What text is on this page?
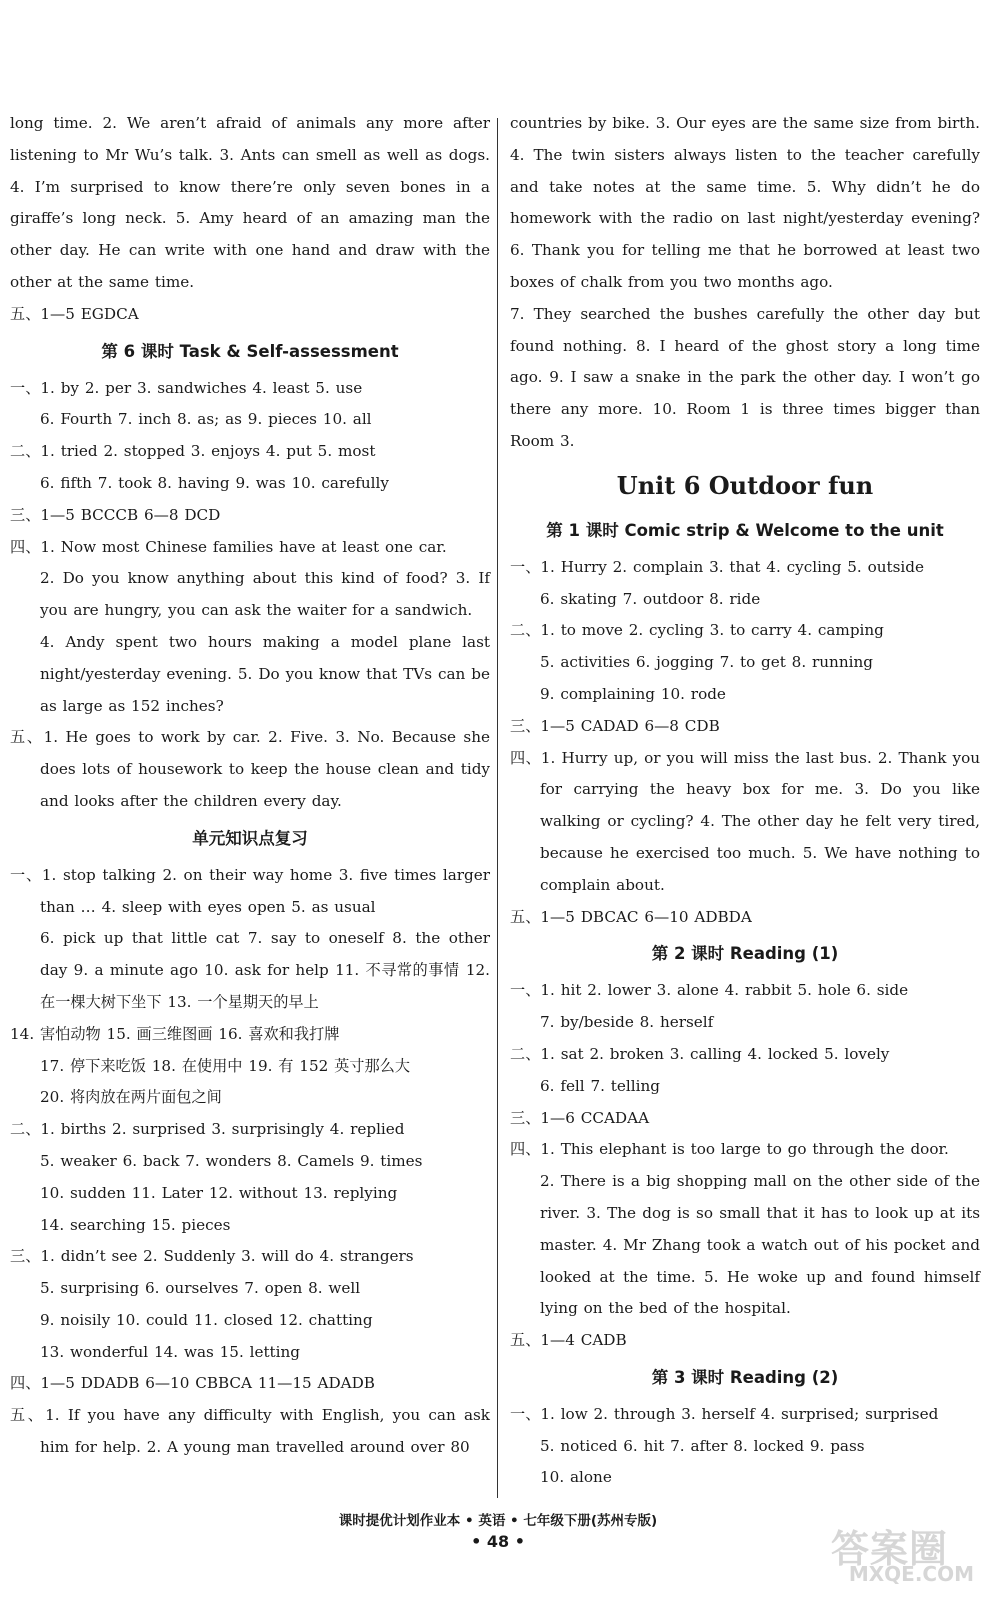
long time. 2. We aren’t afraid of animals any more after listening to Mr Wu’s talk. 3. Ants can smell as well as dogs. 4. I’m surprised to know there’re only seven bones in a giraffe’s long neck. 5. Amy heard of an amazing man the other day. He can write with one hand and draw with the other at the same time.

五、1—5 EGDCA

第 6 课时 Task & Self-assessment

一、1. by 2. per 3. sandwiches 4. least 5. use

6. Fourth 7. inch 8. as; as 9. pieces 10. all

二、1. tried 2. stopped 3. enjoys 4. put 5. most

6. fifth 7. took 8. having 9. was 10. carefully

三、1—5 BCCCB 6—8 DCD

四、1. Now most Chinese families have at least one car.

2. Do you know anything about this kind of food? 3. If you are hungry, you can ask the waiter for a sandwich.

4. Andy spent two hours making a model plane last night/yesterday evening. 5. Do you know that TVs can be as large as 152 inches?

五、1. He goes to work by car. 2. Five. 3. No. Because she does lots of housework to keep the house clean and tidy and looks after the children every day.

单元知识点复习

一、1. stop talking 2. on their way home 3. five times larger than … 4. sleep with eyes open 5. as usual

6. pick up that little cat 7. say to oneself 8. the other day 9. a minute ago 10. ask for help 11. 不寻常的事情 12. 在一棵大树下坐下 13. 一个星期天的早上

14. 害怕动物 15. 画三维图画 16. 喜欢和我打牌

17. 停下来吃饭 18. 在使用中 19. 有 152 英寸那么大

20. 将肉放在两片面包之间

二、1. births 2. surprised 3. surprisingly 4. replied

5. weaker 6. back 7. wonders 8. Camels 9. times

10. sudden 11. Later 12. without 13. replying

14. searching 15. pieces

三、1. didn’t see 2. Suddenly 3. will do 4. strangers

5. surprising 6. ourselves 7. open 8. well

9. noisily 10. could 11. closed 12. chatting

13. wonderful 14. was 15. letting

四、1—5 DDADB 6—10 CBBCA 11—15 ADADB

五、1. If you have any difficulty with English, you can ask him for help. 2. A young man travelled around over 80

countries by bike. 3. Our eyes are the same size from birth. 4. The twin sisters always listen to the teacher carefully and take notes at the same time. 5. Why didn’t he do homework with the radio on last night/yesterday evening? 6. Thank you for telling me that he borrowed at least two boxes of chalk from you two months ago.

7. They searched the bushes carefully the other day but found nothing. 8. I heard of the ghost story a long time ago. 9. I saw a snake in the park the other day. I won’t go there any more. 10. Room 1 is three times bigger than Room 3.

Unit 6 Outdoor fun
第 1 课时 Comic strip & Welcome to the unit

一、1. Hurry 2. complain 3. that 4. cycling 5. outside

6. skating 7. outdoor 8. ride

二、1. to move 2. cycling 3. to carry 4. camping

5. activities 6. jogging 7. to get 8. running

9. complaining 10. rode

三、1—5 CADAD 6—8 CDB

四、1. Hurry up, or you will miss the last bus. 2. Thank you for carrying the heavy box for me. 3. Do you like walking or cycling? 4. The other day he felt very tired, because he exercised too much. 5. We have nothing to complain about.

五、1—5 DBCAC 6—10 ADBDA

第 2 课时 Reading (1)

一、1. hit 2. lower 3. alone 4. rabbit 5. hole 6. side

7. by/beside 8. herself

二、1. sat 2. broken 3. calling 4. locked 5. lovely

6. fell 7. telling

三、1—6 CCADAA

四、1. This elephant is too large to go through the door.

2. There is a big shopping mall on the other side of the river. 3. The dog is so small that it has to look up at its master. 4. Mr Zhang took a watch out of his pocket and looked at the time. 5. He woke up and found himself lying on the bed of the hospital.

五、1—4 CADB

第 3 课时 Reading (2)

一、1. low 2. through 3. herself 4. surprised; surprised

5. noticed 6. hit 7. after 8. locked 9. pass

10. alone

课时提优计划作业本 • 英语 • 七年级下册(苏州专版)
• 48 •	答案圈
MXQE.COM
